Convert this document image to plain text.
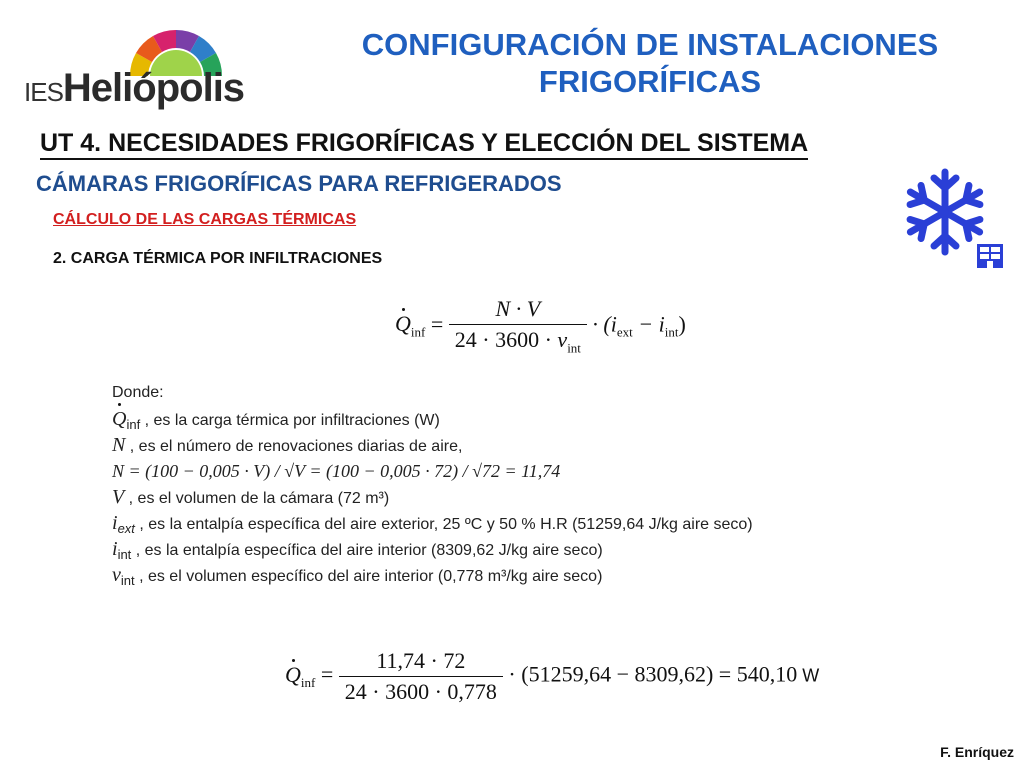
IESHeliópolis
CONFIGURACIÓN DE INSTALACIONES
FRIGORÍFICAS
UT 4. NECESIDADES FRIGORÍFICAS Y ELECCIÓN DEL SISTEMA
CÁMARAS FRIGORÍFICAS PARA REFRIGERADOS
CÁLCULO DE LAS CARGAS TÉRMICAS
2. CARGA TÉRMICA POR INFILTRACIONES
$Q_{inf} = \frac{N \cdot V}{24 \cdot 3600 \cdot v_{int}} \cdot (i_{ext} - i_{int})$
Donde:
$Q_{inf}$ , es la carga térmica por infiltraciones (W)
N , es el número de renovaciones diarias de aire,
N = (100 − 0,005 · V) / √V = (100 − 0,005 · 72) / √72 = 11,74
V , es el volumen de la cámara (72 m³)
$i_{ext}$ , es la entalpía específica del aire exterior, 25 ºC y 50 % H.R (51259,64 J/kg aire seco)
$i_{int}$ , es la entalpía específica del aire interior (8309,62 J/kg aire seco)
$v_{int}$ , es el volumen específico del aire interior (0,778 m³/kg aire seco)
$Q_{inf} = \frac{11,74 \cdot 72}{24 \cdot 3600 \cdot 0,778} \cdot (51259,64 - 8309,62) = 540,10$ W
F. Enríquez
